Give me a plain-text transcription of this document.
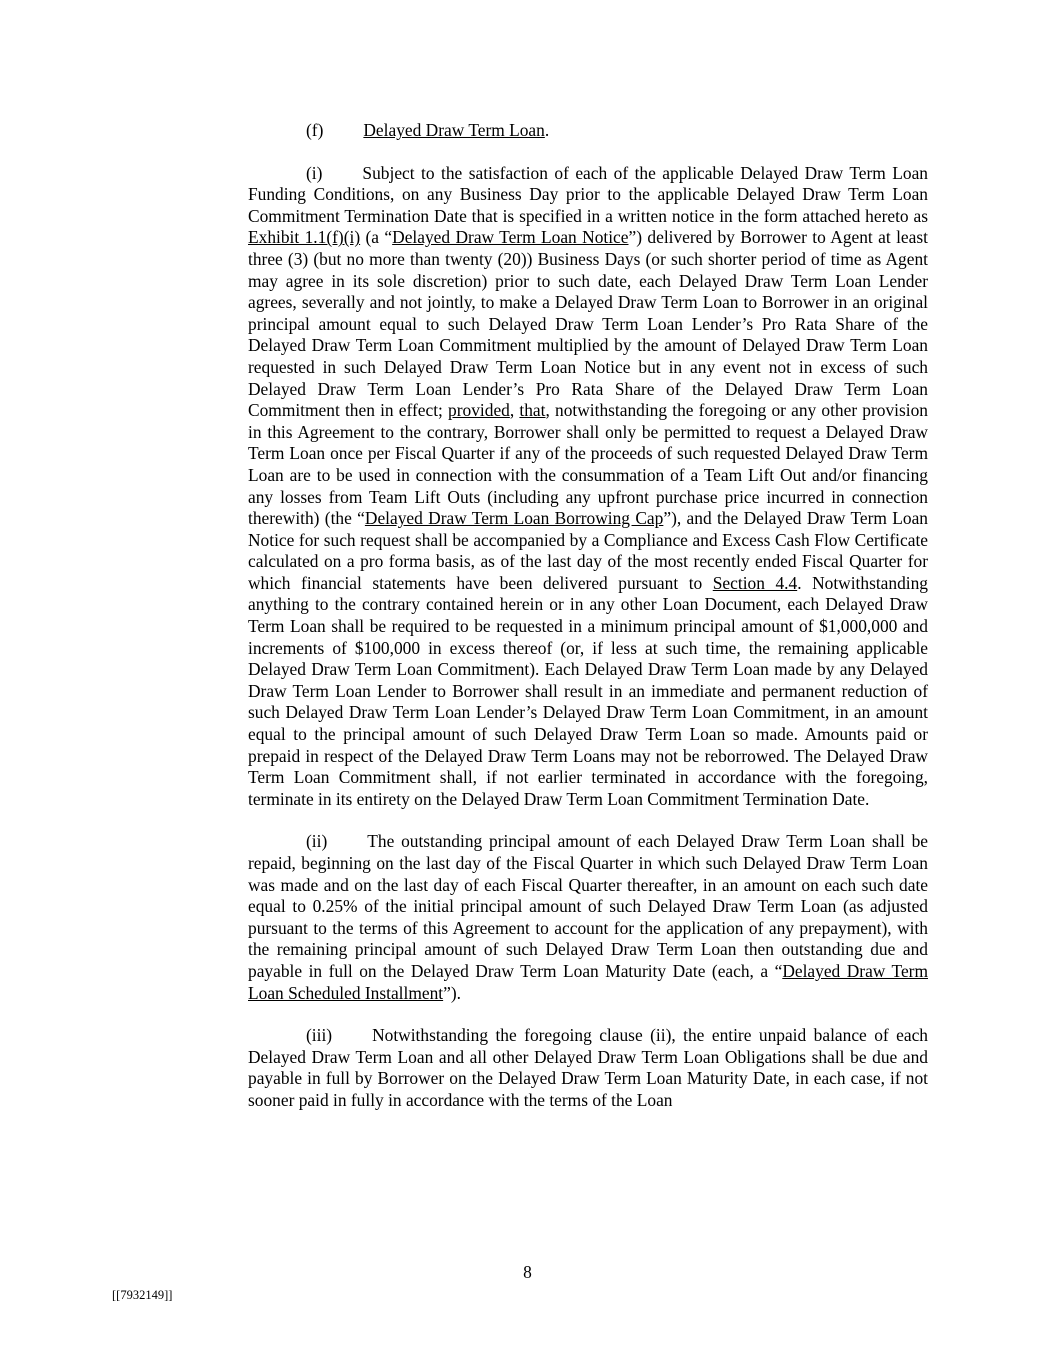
(f) Delayed Draw Term Loan.
(i) Subject to the satisfaction of each of the applicable Delayed Draw Term Loan Funding Conditions, on any Business Day prior to the applicable Delayed Draw Term Loan Commitment Termination Date that is specified in a written notice in the form attached hereto as Exhibit 1.1(f)(i) (a “Delayed Draw Term Loan Notice”) delivered by Borrower to Agent at least three (3) (but no more than twenty (20)) Business Days (or such shorter period of time as Agent may agree in its sole discretion) prior to such date, each Delayed Draw Term Loan Lender agrees, severally and not jointly, to make a Delayed Draw Term Loan to Borrower in an original principal amount equal to such Delayed Draw Term Loan Lender’s Pro Rata Share of the Delayed Draw Term Loan Commitment multiplied by the amount of Delayed Draw Term Loan requested in such Delayed Draw Term Loan Notice but in any event not in excess of such Delayed Draw Term Loan Lender’s Pro Rata Share of the Delayed Draw Term Loan Commitment then in effect; provided, that, notwithstanding the foregoing or any other provision in this Agreement to the contrary, Borrower shall only be permitted to request a Delayed Draw Term Loan once per Fiscal Quarter if any of the proceeds of such requested Delayed Draw Term Loan are to be used in connection with the consummation of a Team Lift Out and/or financing any losses from Team Lift Outs (including any upfront purchase price incurred in connection therewith) (the “Delayed Draw Term Loan Borrowing Cap”), and the Delayed Draw Term Loan Notice for such request shall be accompanied by a Compliance and Excess Cash Flow Certificate calculated on a pro forma basis, as of the last day of the most recently ended Fiscal Quarter for which financial statements have been delivered pursuant to Section 4.4. Notwithstanding anything to the contrary contained herein or in any other Loan Document, each Delayed Draw Term Loan shall be required to be requested in a minimum principal amount of $1,000,000 and increments of $100,000 in excess thereof (or, if less at such time, the remaining applicable Delayed Draw Term Loan Commitment). Each Delayed Draw Term Loan made by any Delayed Draw Term Loan Lender to Borrower shall result in an immediate and permanent reduction of such Delayed Draw Term Loan Lender’s Delayed Draw Term Loan Commitment, in an amount equal to the principal amount of such Delayed Draw Term Loan so made. Amounts paid or prepaid in respect of the Delayed Draw Term Loans may not be reborrowed. The Delayed Draw Term Loan Commitment shall, if not earlier terminated in accordance with the foregoing, terminate in its entirety on the Delayed Draw Term Loan Commitment Termination Date.
(ii) The outstanding principal amount of each Delayed Draw Term Loan shall be repaid, beginning on the last day of the Fiscal Quarter in which such Delayed Draw Term Loan was made and on the last day of each Fiscal Quarter thereafter, in an amount on each such date equal to 0.25% of the initial principal amount of such Delayed Draw Term Loan (as adjusted pursuant to the terms of this Agreement to account for the application of any prepayment), with the remaining principal amount of such Delayed Draw Term Loan then outstanding due and payable in full on the Delayed Draw Term Loan Maturity Date (each, a “Delayed Draw Term Loan Scheduled Installment”).
(iii) Notwithstanding the foregoing clause (ii), the entire unpaid balance of each Delayed Draw Term Loan and all other Delayed Draw Term Loan Obligations shall be due and payable in full by Borrower on the Delayed Draw Term Loan Maturity Date, in each case, if not sooner paid in fully in accordance with the terms of the Loan
8
[[7932149]]
